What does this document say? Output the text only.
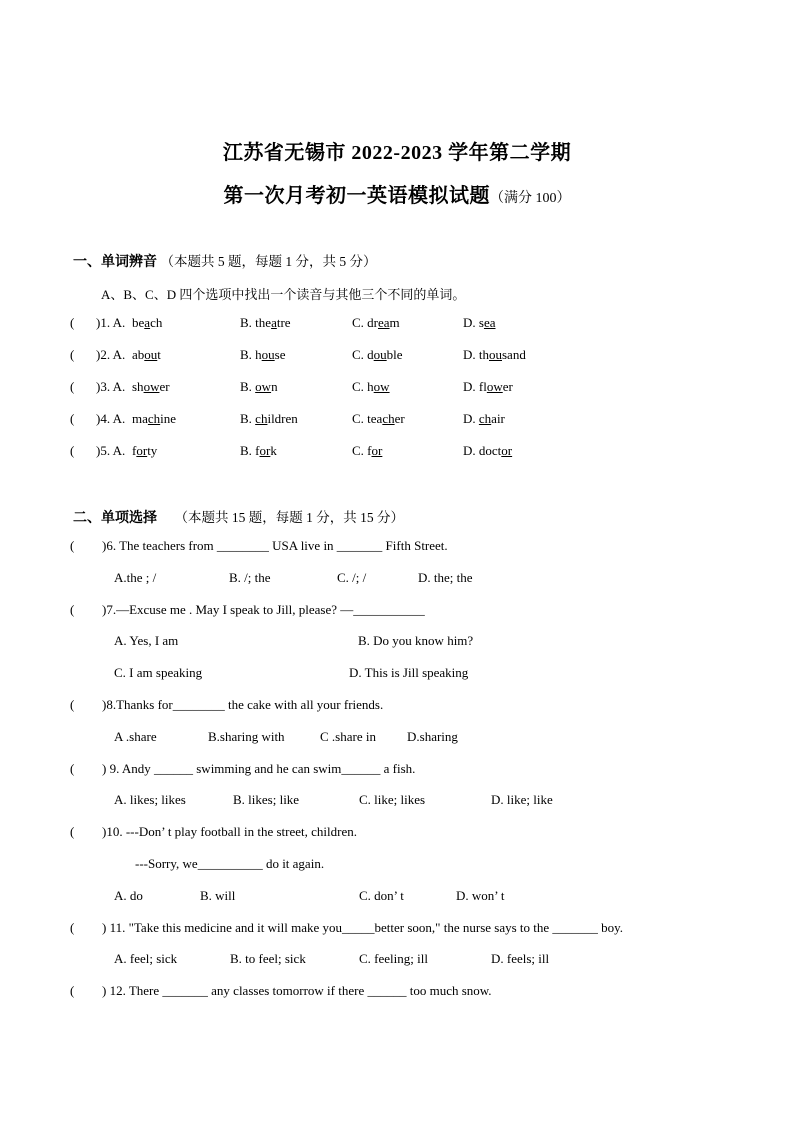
江苏省无锡市 2022-2023 学年第二学期
第一次月考初一英语模拟试题（满分 100）
一、单词辨音 （本题共 5 题，每题 1 分，共 5 分）
A、B、C、D 四个选项中找出一个读音与其他三个不同的单词。
( )1. A. beach	B. theatre	C. dream	D. sea
( )2. A. about	B. house	C. double	D. thousand
( )3. A. shower	B. own	C. how	D. flower
( )4. A. machine	B. children	C. teacher	D. chair
( )5. A. forty	B. fork	C. for	D. doctor
二、单项选择 （本题共 15 题，每题 1 分，共 15 分）
( )6. The teachers from ________ USA live in _______ Fifth Street.
A.the ; /	B. /; the	C. /; /	D. the; the
( )7.—Excuse me . May I speak to Jill, please? —___________
A. Yes, I am	B. Do you know him?
C. I am speaking	D. This is Jill speaking
( )8.Thanks for________ the cake with all your friends.
A .share	B.sharing with	C .share in D.sharing
( ) 9. Andy ______ swimming and he can swim______ a fish.
A. likes; likes	B. likes; like	C. like; likes	D. like; like
( )10. ---Don’ t play football in the street, children.
---Sorry, we__________ do it again.
A. do	B. will	C. don’ t	D. won’ t
( ) 11. "Take this medicine and it will make you_____better soon," the nurse says to the _______ boy.
A. feel; sick	B. to feel; sick	C. feeling; ill	D. feels; ill
( ) 12. There _______ any classes tomorrow if there ______ too much snow.
